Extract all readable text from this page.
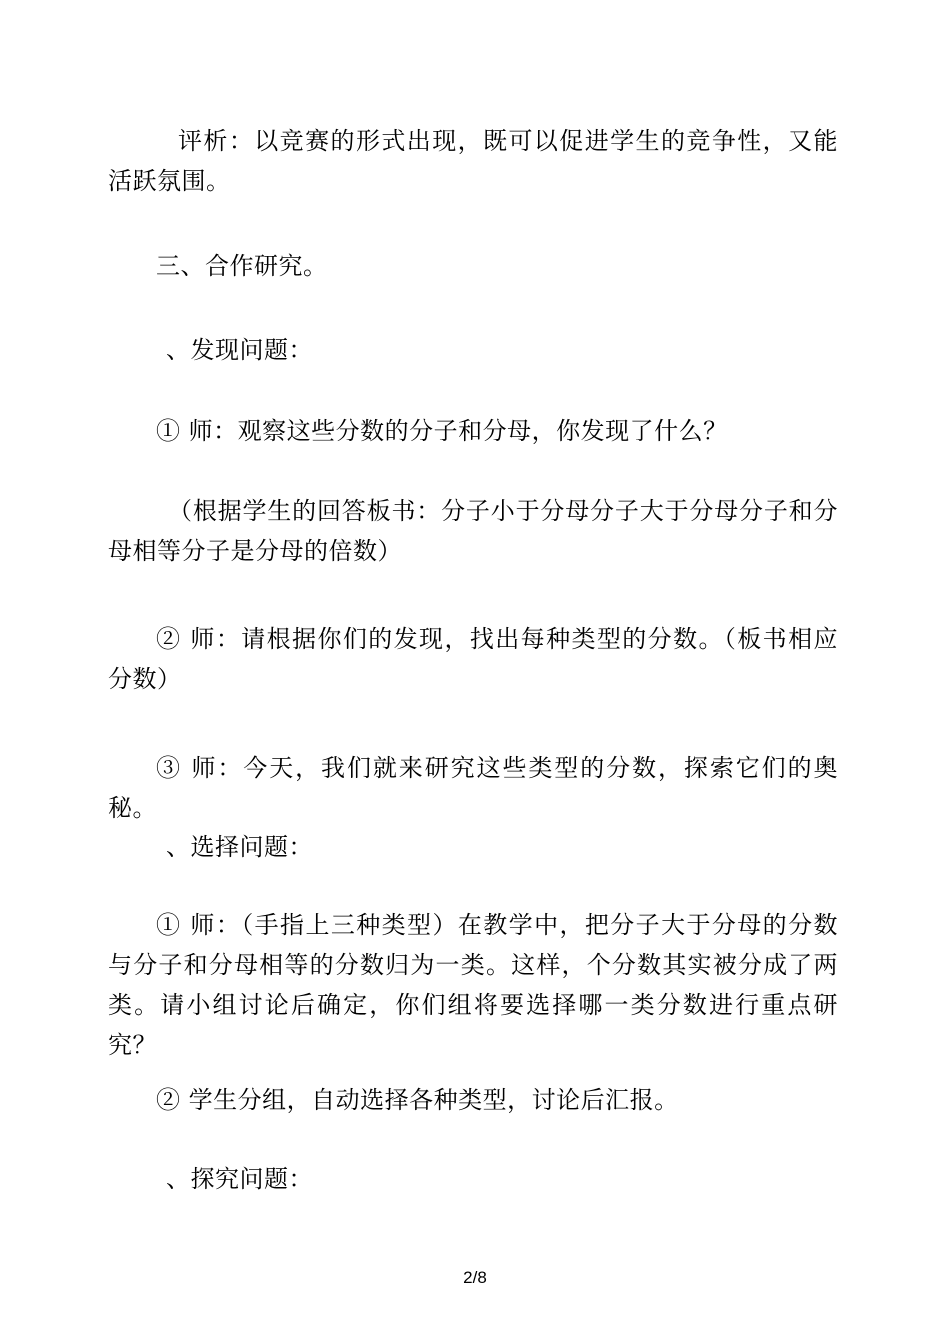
评析：以竞赛的形式出现，既可以促进学生的竞争性，又能活跃氛围。

三、合作研究。

、发现问题：

① 师：观察这些分数的分子和分母，你发现了什么？

（根据学生的回答板书：分子小于分母分子大于分母分子和分母相等分子是分母的倍数）

② 师：请根据你们的发现，找出每种类型的分数。（板书相应分数）

③ 师：今天，我们就来研究这些类型的分数，探索它们的奥秘。

、选择问题：

① 师：（手指上三种类型）在教学中，把分子大于分母的分数与分子和分母相等的分数归为一类。这样，个分数其实被分成了两类。请小组讨论后确定，你们组将要选择哪一类分数进行重点研究？

② 学生分组，自动选择各种类型，讨论后汇报。

、探究问题：

2/8
